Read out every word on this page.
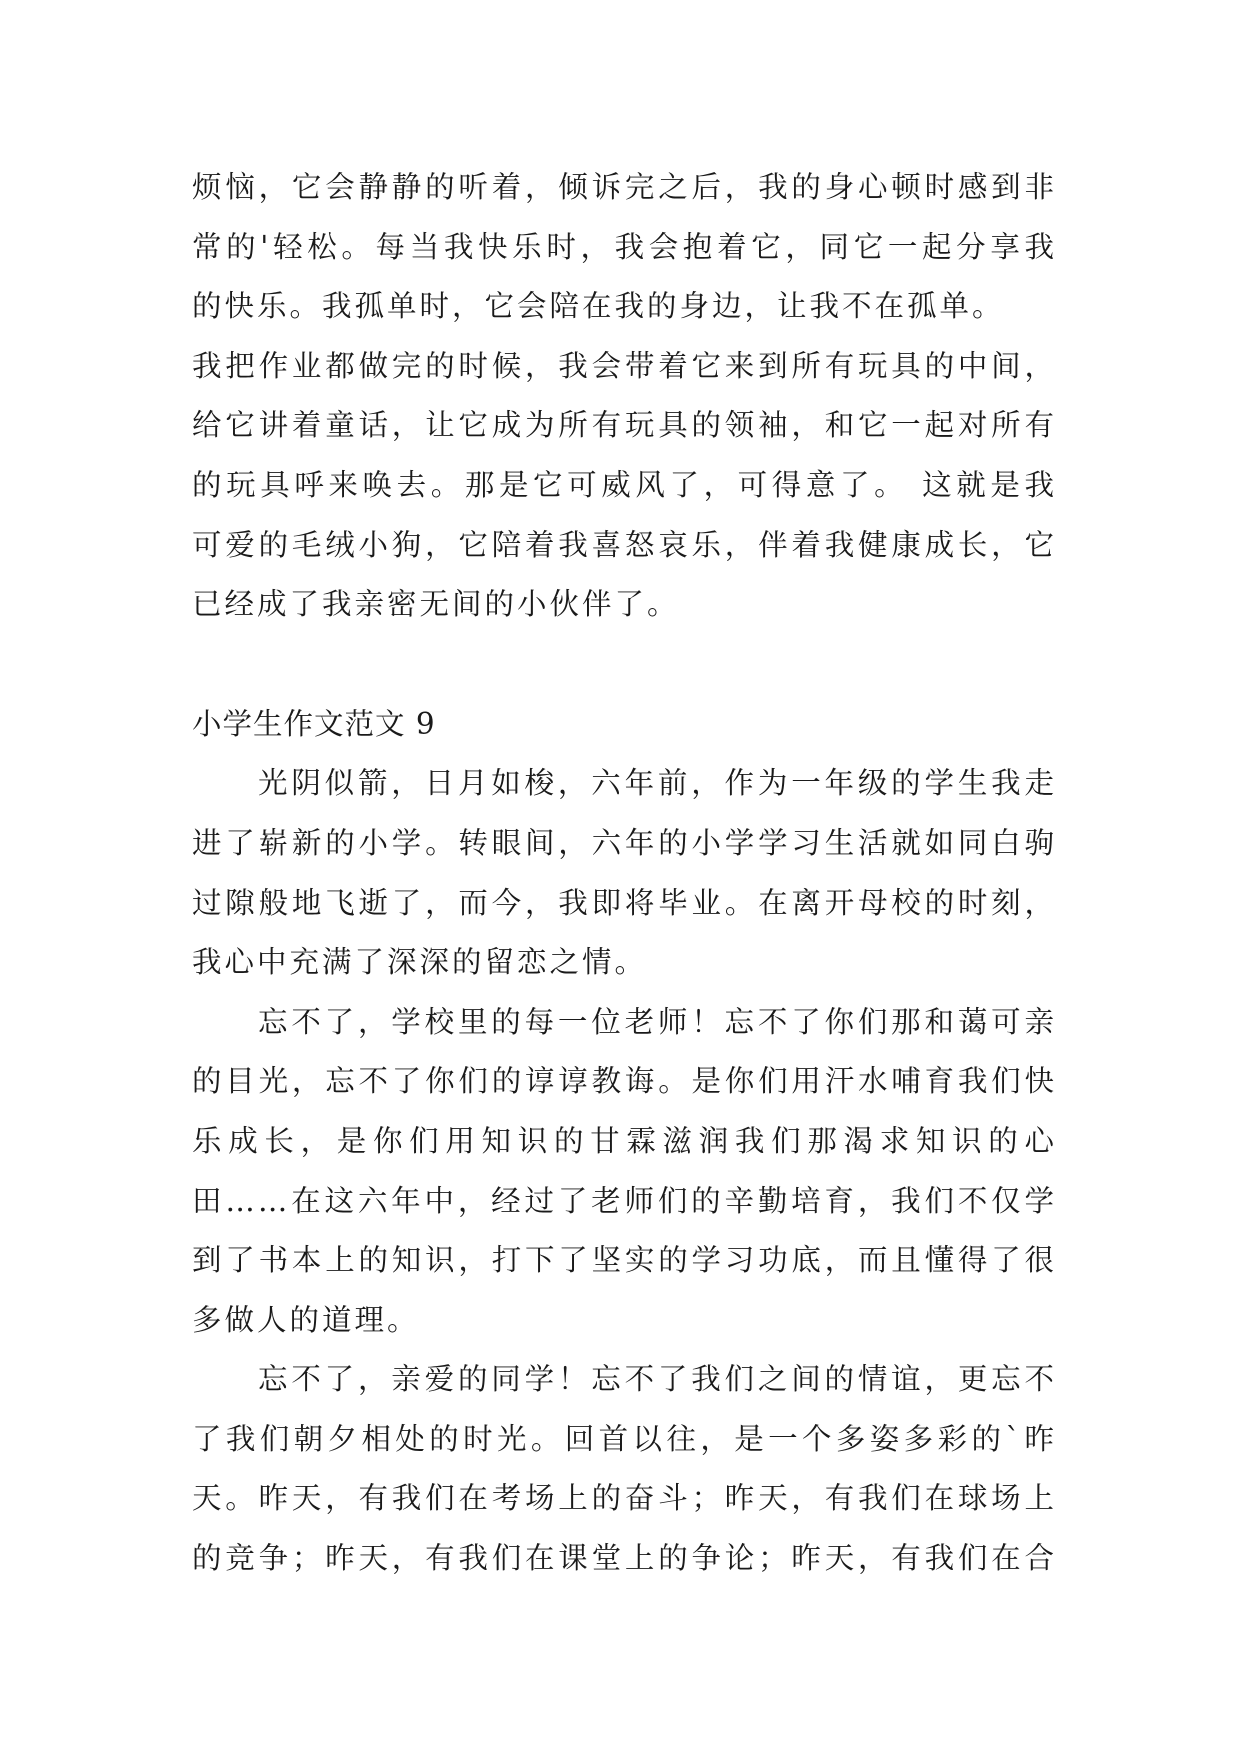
烦恼，它会静静的听着，倾诉完之后，我的身心顿时感到非
常的'轻松。每当我快乐时，我会抱着它，同它一起分享我
的快乐。我孤单时，它会陪在我的身边，让我不在孤单。
我把作业都做完的时候，我会带着它来到所有玩具的中间，
给它讲着童话，让它成为所有玩具的领袖，和它一起对所有
的玩具呼来唤去。那是它可威风了，可得意了。 这就是我
可爱的毛绒小狗，它陪着我喜怒哀乐，伴着我健康成长，它
已经成了我亲密无间的小伙伴了。
小学生作文范文 9
光阴似箭，日月如梭，六年前，作为一年级的学生我走
进了崭新的小学。转眼间，六年的小学学习生活就如同白驹
过隙般地飞逝了，而今，我即将毕业。在离开母校的时刻，
我心中充满了深深的留恋之情。
忘不了，学校里的每一位老师！忘不了你们那和蔼可亲
的目光，忘不了你们的谆谆教诲。是你们用汗水哺育我们快
乐成长，是你们用知识的甘霖滋润我们那渴求知识的心
田……在这六年中，经过了老师们的辛勤培育，我们不仅学
到了书本上的知识，打下了坚实的学习功底，而且懂得了很
多做人的道理。
忘不了，亲爱的同学！忘不了我们之间的情谊，更忘不
了我们朝夕相处的时光。回首以往，是一个多姿多彩的`昨
天。昨天，有我们在考场上的奋斗；昨天，有我们在球场上
的竞争；昨天，有我们在课堂上的争论；昨天，有我们在合
